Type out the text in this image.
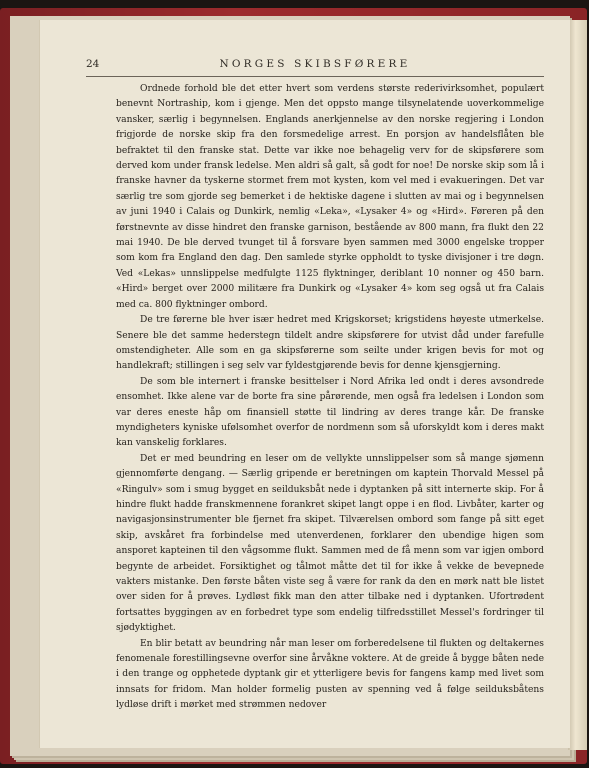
24	NORGES SKIBSFØRERE

Ordnede forhold ble det etter hvert som verdens største rederivirksomhet, populært benevnt Nortraship, kom i gjenge. Men det oppsto mange tilsynelatende uoverkommelige vansker, særlig i begynnelsen. Englands anerkjennelse av den norske regjering i London frigjorde de norske skip fra den forsmedelige arrest. En porsjon av handelsflåten ble befraktet til den franske stat. Dette var ikke noe behagelig verv for de skipsførere som derved kom under fransk ledelse. Men aldri så galt, så godt for noe! De norske skip som lå i franske havner da tyskerne stormet frem mot kysten, kom vel med i evakueringen. Det var særlig tre som gjorde seg bemerket i de hektiske dagene i slutten av mai og i begynnelsen av juni 1940 i Calais og Dunkirk, nemlig «Leka», «Lysaker 4» og «Hird». Føreren på den førstnevnte av disse hindret den franske garnison, bestående av 800 mann, fra flukt den 22 mai 1940. De ble derved tvunget til å forsvare byen sammen med 3000 engelske tropper som kom fra England den dag. Den samlede styrke oppholdt to tyske divisjoner i tre døgn. Ved «Lekas» unnslippelse medfulgte 1125 flyktninger, deriblant 10 nonner og 450 barn. «Hird» berget over 2000 militære fra Dunkirk og «Lysaker 4» kom seg også ut fra Calais med ca. 800 flyktninger ombord.

De tre førerne ble hver især hedret med Krigskorset; krigstidens høyeste utmerkelse. Senere ble det samme hederstegn tildelt andre skipsførere for utvist dåd under farefulle omstendigheter. Alle som en ga skipsførerne som seilte under krigen bevis for mot og handlekraft; stillingen i seg selv var fyldestgjørende bevis for denne kjensgjerning.

De som ble internert i franske besittelser i Nord Afrika led ondt i deres avsondrede ensomhet. Ikke alene var de borte fra sine pårørende, men også fra ledelsen i London som var deres eneste håp om finansiell støtte til lindring av deres trange kår. De franske myndigheters kyniske ufølsomhet overfor de nordmenn som så uforskyldt kom i deres makt kan vanskelig forklares.

Det er med beundring en leser om de vellykte unnslippelser som så mange sjømenn gjennomførte dengang. — Særlig gripende er beretningen om kaptein Thorvald Messel på «Ringulv» som i smug bygget en seilduksbåt nede i dyptanken på sitt internerte skip. For å hindre flukt hadde franskmennene forankret skipet langt oppe i en flod. Livbåter, karter og navigasjonsinstrumenter ble fjernet fra skipet. Tilværelsen ombord som fange på sitt eget skip, avskåret fra forbindelse med utenverdenen, forklarer den ubendige higen som ansporet kapteinen til den vågsomme flukt. Sammen med de få menn som var igjen ombord begynte de arbeidet. Forsiktighet og tålmot måtte det til for ikke å vekke de bevepnede vakters mistanke. Den første båten viste seg å være for rank da den en mørk natt ble listet over siden for å prøves. Lydløst fikk man den atter tilbake ned i dyptanken. Ufortrødent fortsattes byggingen av en forbedret type som endelig tilfredsstillet Messel's fordringer til sjødyktighet.

En blir betatt av beundring når man leser om forberedelsene til flukten og deltakernes fenomenale forestillingsevne overfor sine årvåkne voktere. At de greide å bygge båten nede i den trange og opphetede dyptank gir et ytterligere bevis for fangens kamp med livet som innsats for fridom. Man holder formelig pusten av spenning ved å følge seilduksbåtens lydløse drift i mørket med strømmen nedover
